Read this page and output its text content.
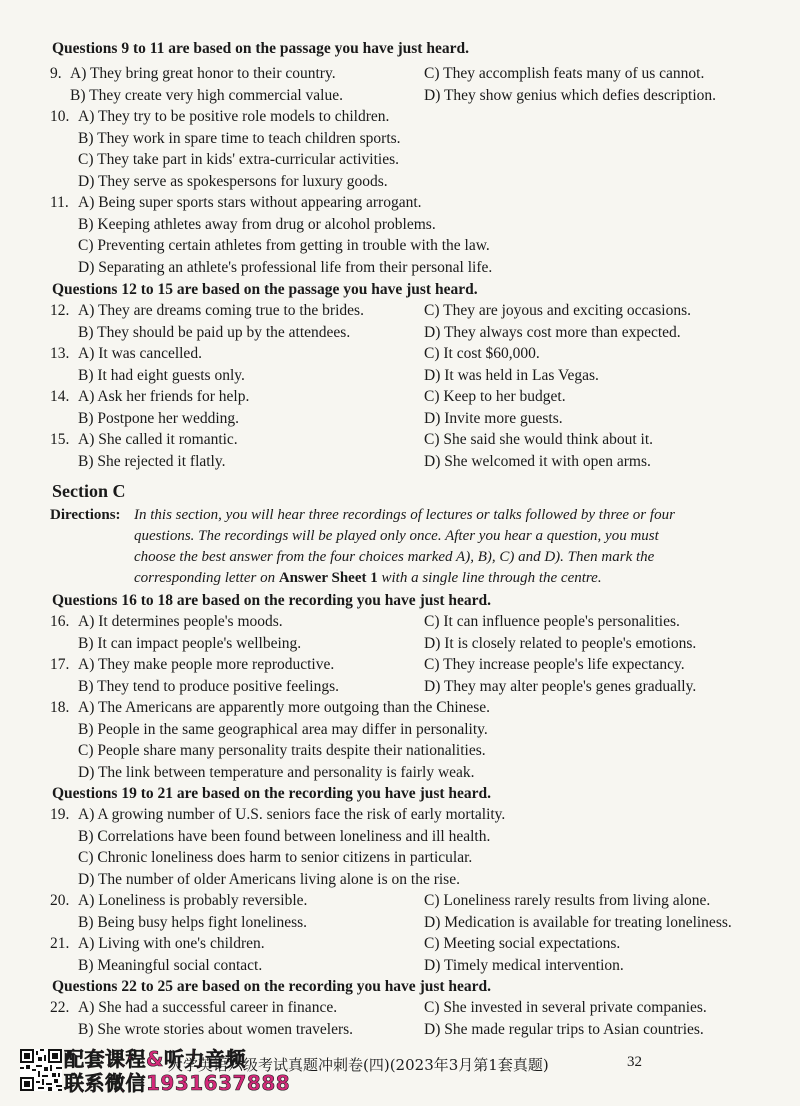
Questions 9 to 11 are based on the passage you have just heard.
9. A) They bring great honor to their country.	C) They accomplish feats many of us cannot.
B) They create very high commercial value.	D) They show genius which defies description.
10. A) They try to be positive role models to children.
B) They work in spare time to teach children sports.
C) They take part in kids' extra-curricular activities.
D) They serve as spokespersons for luxury goods.
11. A) Being super sports stars without appearing arrogant.
B) Keeping athletes away from drug or alcohol problems.
C) Preventing certain athletes from getting in trouble with the law.
D) Separating an athlete's professional life from their personal life.
Questions 12 to 15 are based on the passage you have just heard.
12. A) They are dreams coming true to the brides.	C) They are joyous and exciting occasions.
B) They should be paid up by the attendees.	D) They always cost more than expected.
13. A) It was cancelled.	C) It cost $60,000.
B) It had eight guests only.	D) It was held in Las Vegas.
14. A) Ask her friends for help.	C) Keep to her budget.
B) Postpone her wedding.	D) Invite more guests.
15. A) She called it romantic.	C) She said she would think about it.
B) She rejected it flatly.	D) She welcomed it with open arms.
Section C
Directions: In this section, you will hear three recordings of lectures or talks followed by three or four
questions. The recordings will be played only once. After you hear a question, you must
choose the best answer from the four choices marked A), B), C) and D). Then mark the
corresponding letter on Answer Sheet 1 with a single line through the centre.
Questions 16 to 18 are based on the recording you have just heard.
16. A) It determines people's moods.	C) It can influence people's personalities.
B) It can impact people's wellbeing.	D) It is closely related to people's emotions.
17. A) They make people more reproductive.	C) They increase people's life expectancy.
B) They tend to produce positive feelings.	D) They may alter people's genes gradually.
18. A) The Americans are apparently more outgoing than the Chinese.
B) People in the same geographical area may differ in personality.
C) People share many personality traits despite their nationalities.
D) The link between temperature and personality is fairly weak.
Questions 19 to 21 are based on the recording you have just heard.
19. A) A growing number of U.S. seniors face the risk of early mortality.
B) Correlations have been found between loneliness and ill health.
C) Chronic loneliness does harm to senior citizens in particular.
D) The number of older Americans living alone is on the rise.
20. A) Loneliness is probably reversible.	C) Loneliness rarely results from living alone.
B) Being busy helps fight loneliness.	D) Medication is available for treating loneliness.
21. A) Living with one's children.	C) Meeting social expectations.
B) Meaningful social contact.	D) Timely medical intervention.
Questions 22 to 25 are based on the recording you have just heard.
22. A) She had a successful career in finance.	C) She invested in several private companies.
B) She wrote stories about women travelers.	D) She made regular trips to Asian countries.
配套课程&听力音频
联系微信1931637888
大学英语六级考试真题冲刺卷(四)(2023年3月第1套真题)	32
